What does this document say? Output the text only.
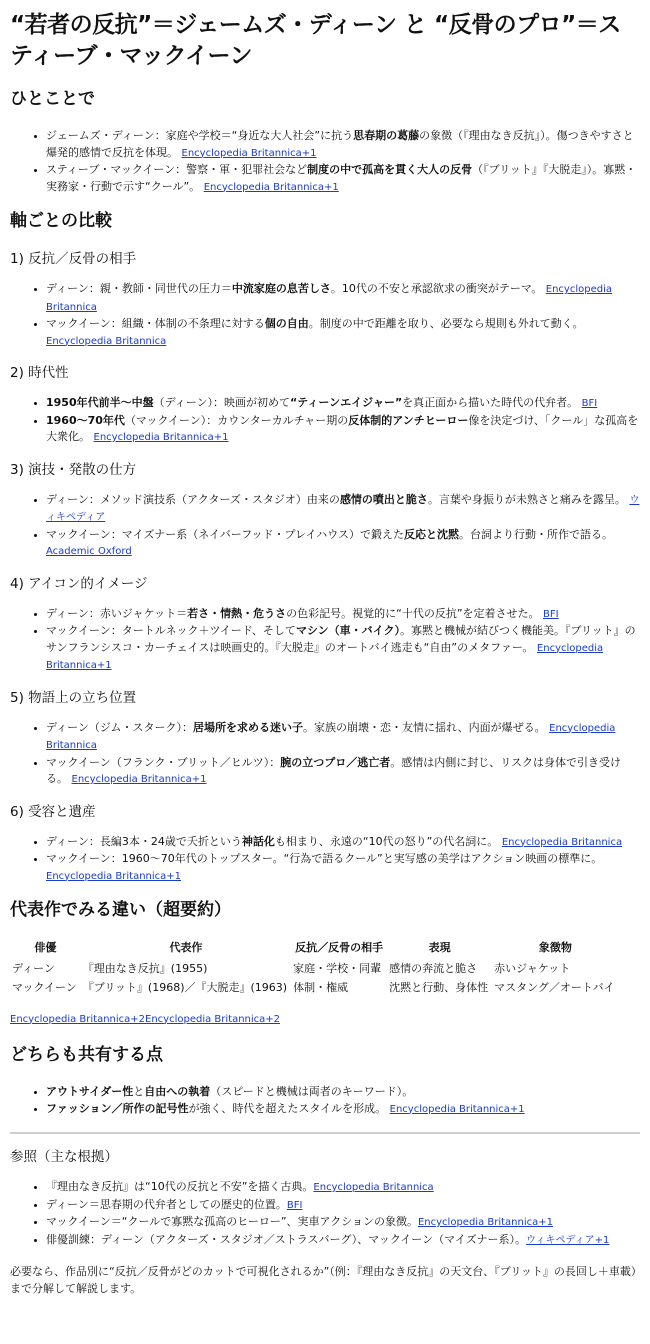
“若者の反抗”＝ジェームズ・ディーン と “反骨のプロ”＝スティーブ・マックイーン
ひとことで
• ジェームズ・ディーン：家庭や学校＝“身近な大人社会”に抗う思春期の葛藤の象徴（『理由なき反抗』）。傷つきやすさと爆発的感情で反抗を体現。 Encyclopedia Britannica+1
• スティーブ・マックイーン：警察・軍・犯罪社会など制度の中で孤高を貫く大人の反骨（『ブリット』『大脱走』）。寡黙・実務家・行動で示す“クール”。 Encyclopedia Britannica+1
軸ごとの比較
1) 反抗／反骨の相手
• ディーン：親・教師・同世代の圧力＝中流家庭の息苦しさ。10代の不安と承認欲求の衝突がテーマ。 Encyclopedia Britannica
• マックイーン：組織・体制の不条理に対する個の自由。制度の中で距離を取り、必要なら規則も外れて動く。 Encyclopedia Britannica
2) 時代性
• 1950年代前半〜中盤（ディーン）：映画が初めて“ティーンエイジャー”を真正面から描いた時代の代弁者。 BFI
• 1960〜70年代（マックイーン）：カウンターカルチャー期の反体制的アンチヒーロー像を決定づけ、「クール」な孤高を大衆化。 Encyclopedia Britannica+1
3) 演技・発散の仕方
• ディーン：メソッド演技系（アクターズ・スタジオ）由来の感情の噴出と脆さ。言葉や身振りが未熟さと痛みを露呈。 ウィキペディア
• マックイーン：マイズナー系（ネイバーフッド・プレイハウス）で鍛えた反応と沈黙。台詞より行動・所作で語る。 Academic Oxford
4) アイコン的イメージ
• ディーン：赤いジャケット＝若さ・情熱・危うさの色彩記号。視覚的に“十代の反抗”を定着させた。 BFI
• マックイーン：タートルネック＋ツイード、そしてマシン（車・バイク）。寡黙と機械が結びつく機能美。『ブリット』のサンフランシスコ・カーチェイスは映画史的。『大脱走』のオートバイ逃走も“自由”のメタファー。 Encyclopedia Britannica+1
5) 物語上の立ち位置
• ディーン（ジム・スターク）：居場所を求める迷い子。家族の崩壊・恋・友情に揺れ、内面が爆ぜる。 Encyclopedia Britannica
• マックイーン（フランク・ブリット／ヒルツ）：腕の立つプロ／逃亡者。感情は内側に封じ、リスクは身体で引き受ける。 Encyclopedia Britannica+1
6) 受容と遺産
• ディーン：長編3本・24歳で夭折という神話化も相まり、永遠の“10代の怒り”の代名詞に。 Encyclopedia Britannica
• マックイーン：1960〜70年代のトップスター。“行為で語るクール”と実写感の美学はアクション映画の標準に。 Encyclopedia Britannica+1
代表作でみる違い（超要約）
俳優	代表作	反抗／反骨の相手	表現	象徴物
ディーン	『理由なき反抗』(1955)	家庭・学校・同輩	感情の奔流と脆さ	赤いジャケット
マックイーン	『ブリット』(1968)／『大脱走』(1963)	体制・権威	沈黙と行動、身体性	マスタング／オートバイ

Encyclopedia Britannica+2Encyclopedia Britannica+2

どちらも共有する点
• アウトサイダー性と自由への執着（スピードと機械は両者のキーワード）。
• ファッション／所作の記号性が強く、時代を超えたスタイルを形成。 Encyclopedia Britannica+1
参照（主な根拠）
• 『理由なき反抗』は“10代の反抗と不安”を描く古典。Encyclopedia Britannica
• ディーン＝思春期の代弁者としての歴史的位置。BFI
• マックイーン＝“クールで寡黙な孤高のヒーロー”、実車アクションの象徴。Encyclopedia Britannica+1
• 俳優訓練：ディーン（アクターズ・スタジオ／ストラスバーグ）、マックイーン（マイズナー系）。ウィキペディア+1

必要なら、作品別に“反抗／反骨がどのカットで可視化されるか”（例：『理由なき反抗』の天文台、『ブリット』の長回し＋車載）まで分解して解説します。
